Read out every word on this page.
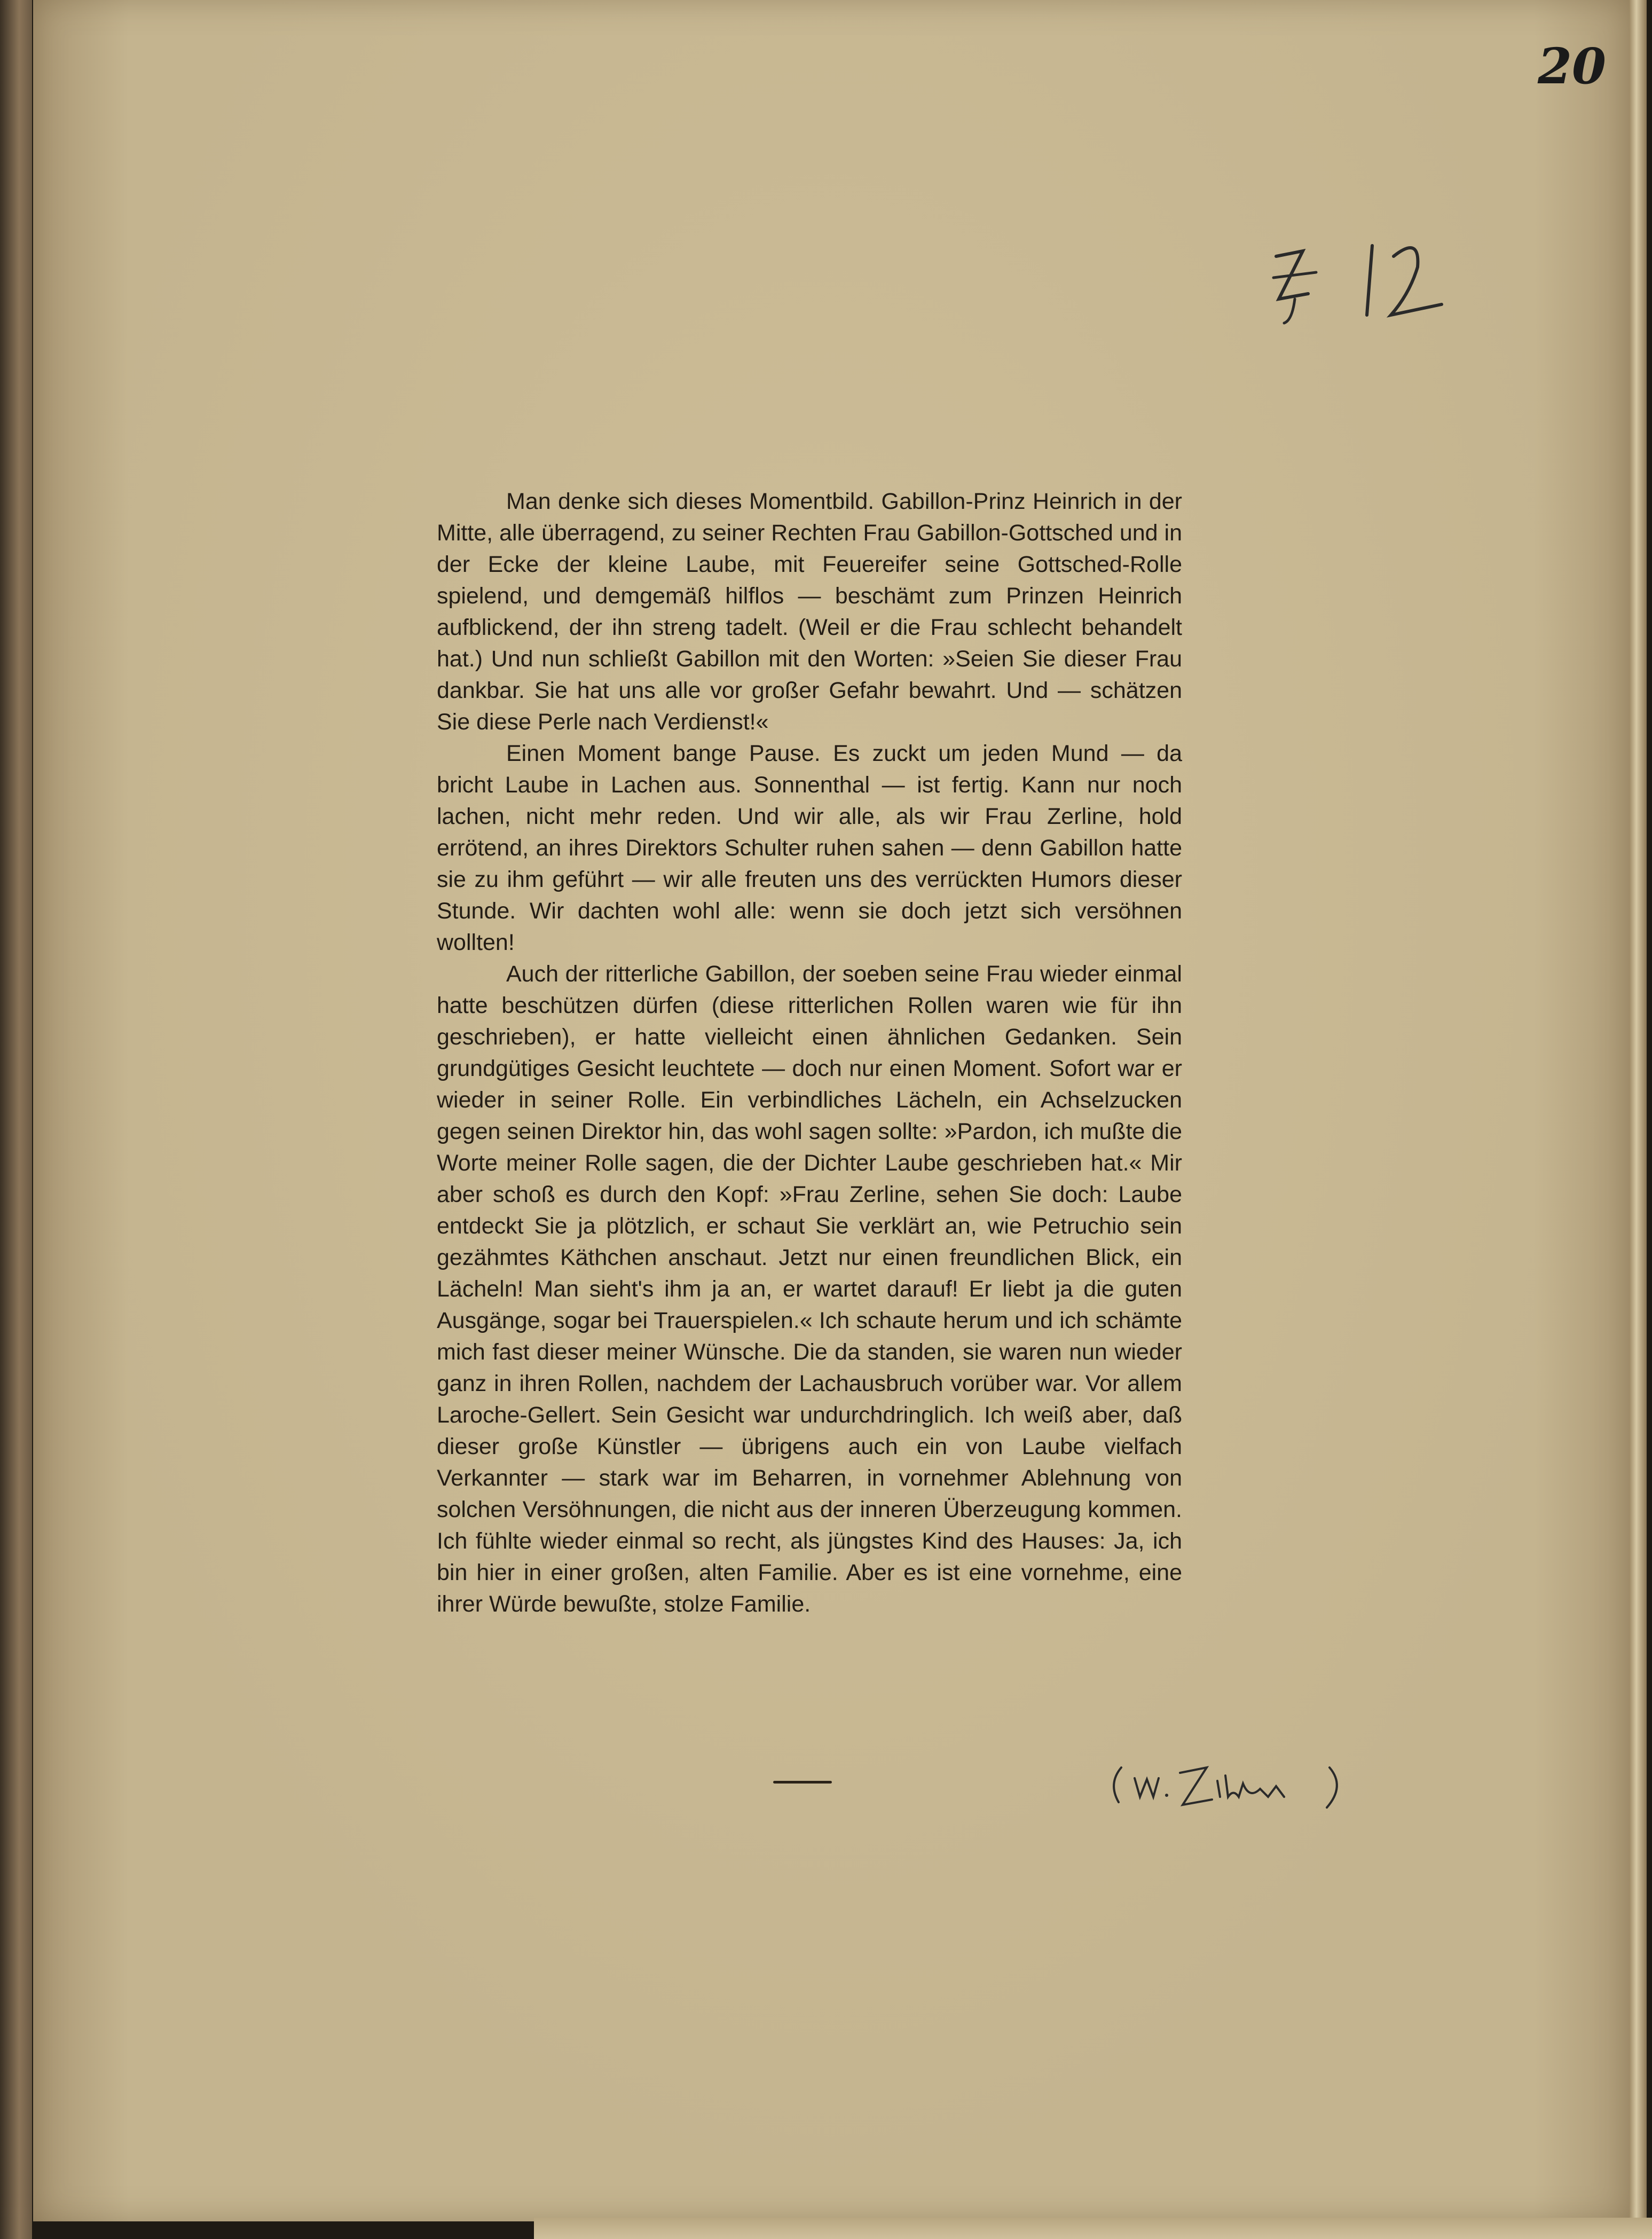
20

Man denke sich dieses Momentbild. Gabillon-Prinz Heinrich in der Mitte, alle überragend, zu seiner Rechten Frau Gabillon-Gottsched und in der Ecke der kleine Laube, mit Feuereifer seine Gottsched-Rolle spielend, und demgemäß hilflos — beschämt zum Prinzen Heinrich aufblickend, der ihn streng tadelt. (Weil er die Frau schlecht behandelt hat.) Und nun schließt Gabillon mit den Worten: »Seien Sie dieser Frau dankbar. Sie hat uns alle vor großer Gefahr bewahrt. Und — schätzen Sie diese Perle nach Verdienst!«

Einen Moment bange Pause. Es zuckt um jeden Mund — da bricht Laube in Lachen aus. Sonnenthal — ist fertig. Kann nur noch lachen, nicht mehr reden. Und wir alle, als wir Frau Zerline, hold errötend, an ihres Direktors Schulter ruhen sahen — denn Gabillon hatte sie zu ihm geführt — wir alle freuten uns des verrückten Humors dieser Stunde. Wir dachten wohl alle: wenn sie doch jetzt sich versöhnen wollten!

Auch der ritterliche Gabillon, der soeben seine Frau wieder einmal hatte beschützen dürfen (diese ritterlichen Rollen waren wie für ihn geschrieben), er hatte vielleicht einen ähnlichen Gedanken. Sein grundgütiges Gesicht leuchtete — doch nur einen Moment. Sofort war er wieder in seiner Rolle. Ein verbindliches Lächeln, ein Achselzucken gegen seinen Direktor hin, das wohl sagen sollte: »Pardon, ich mußte die Worte meiner Rolle sagen, die der Dichter Laube geschrieben hat.« Mir aber schoß es durch den Kopf: »Frau Zerline, sehen Sie doch: Laube entdeckt Sie ja plötzlich, er schaut Sie verklärt an, wie Petruchio sein gezähmtes Käthchen anschaut. Jetzt nur einen freundlichen Blick, ein Lächeln! Man sieht's ihm ja an, er wartet darauf! Er liebt ja die guten Ausgänge, sogar bei Trauerspielen.« Ich schaute herum und ich schämte mich fast dieser meiner Wünsche. Die da standen, sie waren nun wieder ganz in ihren Rollen, nachdem der Lachausbruch vorüber war. Vor allem Laroche-Gellert. Sein Gesicht war undurchdringlich. Ich weiß aber, daß dieser große Künstler — übrigens auch ein von Laube vielfach Verkannter — stark war im Beharren, in vornehmer Ablehnung von solchen Versöhnungen, die nicht aus der inneren Überzeugung kommen. Ich fühlte wieder einmal so recht, als jüngstes Kind des Hauses: Ja, ich bin hier in einer großen, alten Familie. Aber es ist eine vornehme, eine ihrer Würde bewußte, stolze Familie.
